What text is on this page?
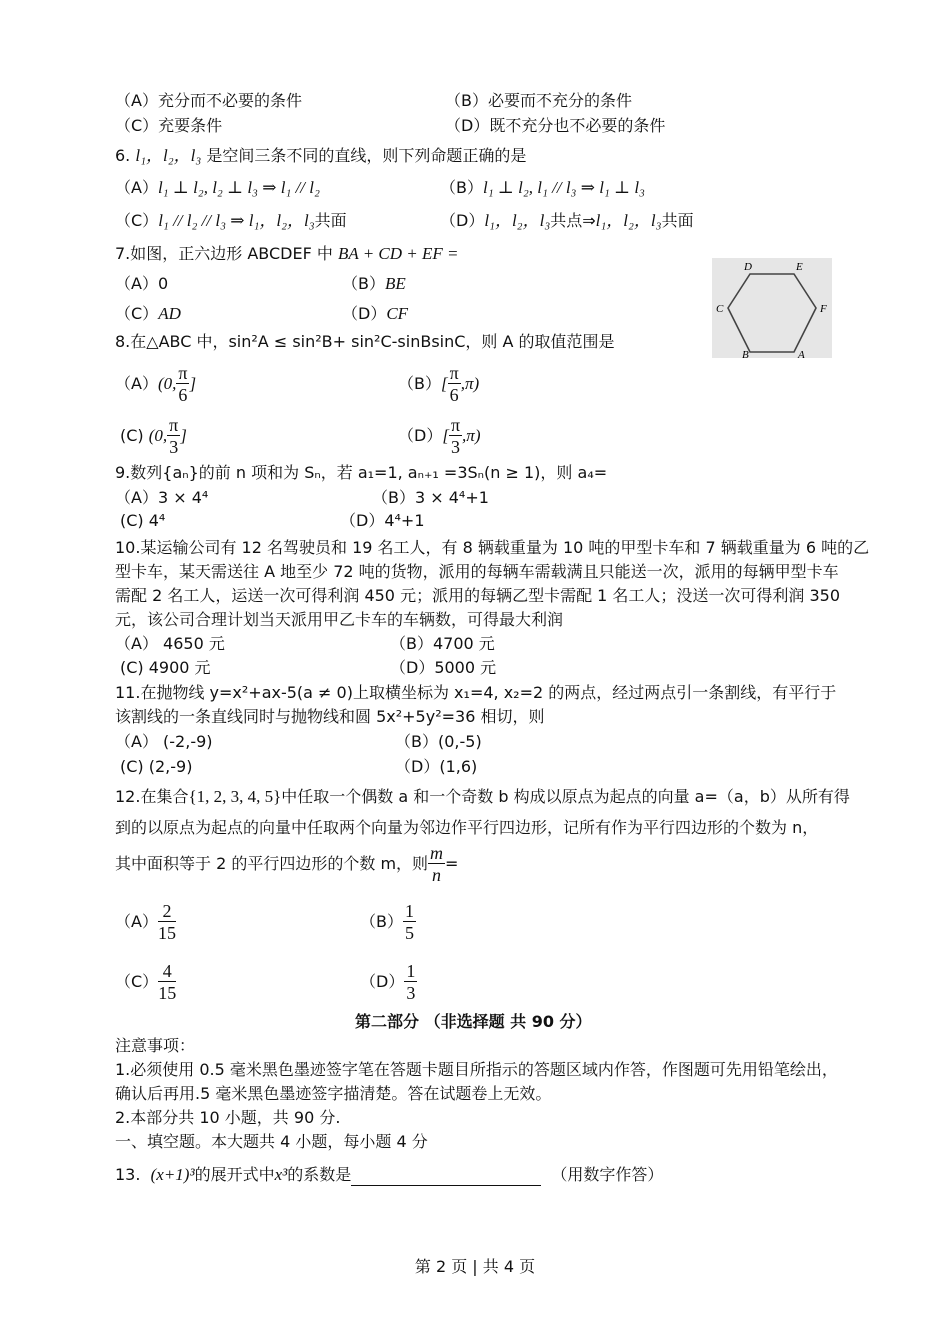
（A）充分而不必要的条件	（B）必要而不充分的条件
（C）充要条件	（D）既不充分也不必要的条件
6. l₁，l₂，l₃ 是空间三条不同的直线，则下列命题正确的是
（A）l₁ ⊥ l₂, l₂ ⊥ l₃ ⇒ l₁ // l₂	（B）l₁ ⊥ l₂, l₁ // l₃ ⇒ l₁ ⊥ l₃
（C）l₁ // l₂ // l₃ ⇒ l₁，l₂，l₃共面	（D）l₁，l₂，l₃共点⇒l₁，l₂，l₃共面
7.如图，正六边形 ABCDEF 中 BA + CD + EF =
（A）0	（B）BE
（C）AD	（D）CF
D	E
C	F
B	A
8.在△ABC 中，sin²A ≤ sin²B+ sin²C-sinBsinC，则 A 的取值范围是
（A）(0, $\frac{\pi}{6}$ ]	$(B)[ \frac{\pi}{6} ,\pi)$
(C) (0, $\frac{\pi}{3}$ ]	$(D)[ \frac{\pi}{3} ,\pi)$
9.数列{aₙ}的前 n 项和为 Sₙ，若 a₁=1, aₙ₊₁ =3Sₙ(n ≥ 1)，则 a₄=
（A）3 × 4⁴	（B）3 × 4⁴+1
(C) 4⁴	（D）4⁴+1
10.某运输公司有 12 名驾驶员和 19 名工人，有 8 辆载重量为 10 吨的甲型卡车和 7 辆载重量为 6 吨的乙
型卡车，某天需送往 A 地至少 72 吨的货物，派用的每辆车需载满且只能送一次，派用的每辆甲型卡车
需配 2 名工人，运送一次可得利润 450 元；派用的每辆乙型卡需配 1 名工人；没送一次可得利润 350
元，该公司合理计划当天派用甲乙卡车的车辆数，可得最大利润
（A） 4650 元	（B）4700 元
(C) 4900 元	（D）5000 元
11.在抛物线 y=x²+ax-5(a ≠ 0)上取横坐标为 x₁=4, x₂=2 的两点，经过两点引一条割线，有平行于
该割线的一条直线同时与抛物线和圆 5x²+5y²=36 相切，则
（A） (-2,-9)	（B）(0,-5)
(C) (2,-9)	（D）(1,6)
12.在集合{1, 2, 3, 4, 5}中任取一个偶数 a 和一个奇数 b 构成以原点为起点的向量 a=（a，b）从所有得
到的以原点为起点的向量中任取两个向量为邻边作平行四边形，记所有作为平行四边形的个数为 n，
其中面积等于 2 的平行四边形的个数 m，则 $\frac{m}{n}$ =
$(A) \frac{2}{15}$	$(B) \frac{1}{5}$
$(C) \frac{4}{15}$	$(D) \frac{1}{3}$
第二部分 （非选择题 共 90 分）
注意事项：
1.必须使用 0.5 毫米黑色墨迹签字笔在答题卡题目所指示的答题区域内作答，作图题可先用铅笔绘出，
确认后再用.5 毫米黑色墨迹签字描清楚。答在试题卷上无效。
2.本部分共 10 小题，共 90 分.
一、填空题。本大题共 4 小题，每小题 4 分
13. (x+1)³的展开式中x³的系数是	（用数字作答）
第 2 页 | 共 4 页
